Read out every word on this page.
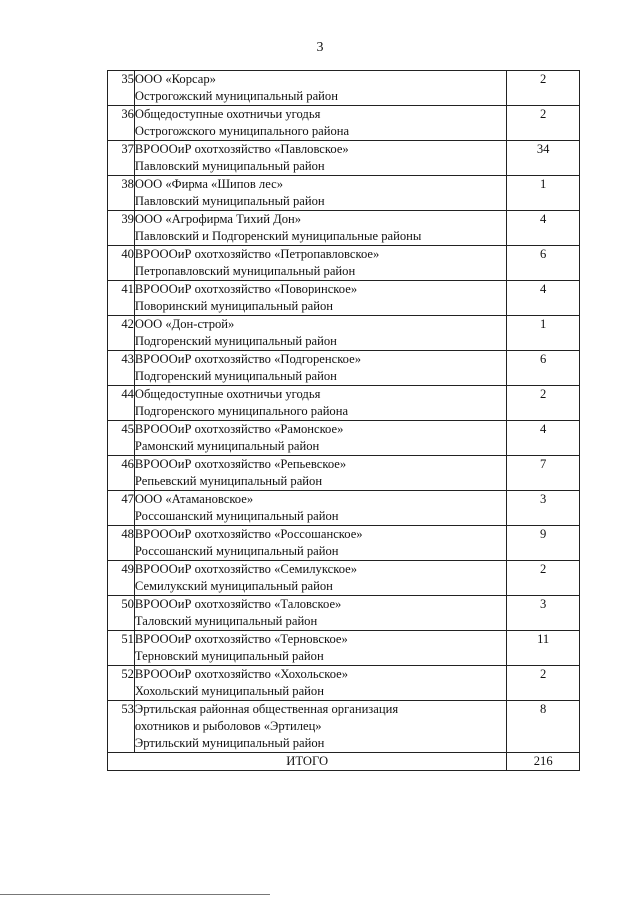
3
35	ООО «Корсар»
Острогожский муниципальный район	2
36	Общедоступные охотничьи угодья
Острогожского муниципального района	2
37	ВРОООиР охотхозяйство «Павловское»
Павловский муниципальный район	34
38	ООО «Фирма «Шипов лес»
Павловский муниципальный район	1
39	ООО «Агрофирма Тихий Дон»
Павловский и Подгоренский муниципальные районы	4
40	ВРОООиР охотхозяйство «Петропавловское»
Петропавловский муниципальный район	6
41	ВРОООиР охотхозяйство «Поворинское»
Поворинский муниципальный район	4
42	ООО «Дон-строй»
Подгоренский муниципальный район	1
43	ВРОООиР охотхозяйство «Подгоренское»
Подгоренский муниципальный район	6
44	Общедоступные охотничьи угодья
Подгоренского муниципального района	2
45	ВРОООиР охотхозяйство «Рамонское»
Рамонский муниципальный район	4
46	ВРОООиР охотхозяйство «Репьевское»
Репьевский муниципальный район	7
47	ООО «Атамановское»
Россошанский муниципальный район	3
48	ВРОООиР охотхозяйство «Россошанское»
Россошанский муниципальный район	9
49	ВРОООиР охотхозяйство «Семилукское»
Семилукский муниципальный район	2
50	ВРОООиР охотхозяйство «Таловское»
Таловский муниципальный район	3
51	ВРОООиР охотхозяйство «Терновское»
Терновский муниципальный район	11
52	ВРОООиР охотхозяйство «Хохольское»
Хохольский муниципальный район	2
53	Эртильская районная общественная организация
охотников и рыболовов «Эртилец»
Эртильский муниципальный район	8
ИТОГО		216
